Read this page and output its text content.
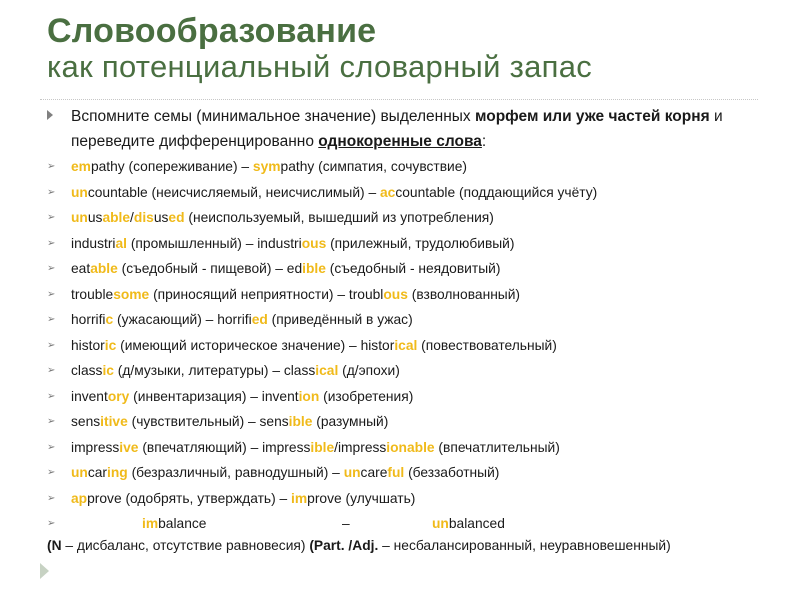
Словообразование
как потенциальный словарный запас
Вспомните семы (минимальное значение) выделенных морфем или уже частей корня и переведите дифференцированно однокоренные слова:
➢ empathy (сопереживание) – sympathy (симпатия, сочувствие)
➢ uncountable (неисчисляемый, неисчислимый) – accountable (поддающийся учёту)
➢ unusable/disused (неиспользуемый, вышедший из употребления)
➢ industrial (промышленный) – industrious (прилежный, трудолюбивый)
➢ eatable (съедобный - пищевой) – edible (съедобный - неядовитый)
➢ troublesome (приносящий неприятности) – troublous (взволнованный)
➢ horrific (ужасающий) – horrified (приведённый в ужас)
➢ historic (имеющий историческое значение) – historical (повествовательный)
➢ classic (д/музыки, литературы) – classical (д/эпохи)
➢ inventory (инвентаризация) – invention (изобретения)
➢ sensitive (чувствительный) – sensible (разумный)
➢ impressive (впечатляющий) – impressible/impressionable (впечатлительный)
➢ uncaring (безразличный, равнодушный) – uncareful (беззаботный)
➢ approve (одобрять, утверждать) – improve (улучшать)
➢	imbalance	–	unbalanced
(N – дисбаланс, отсутствие равновесия) (Part. /Adj. – несбалансированный, неуравновешенный)
